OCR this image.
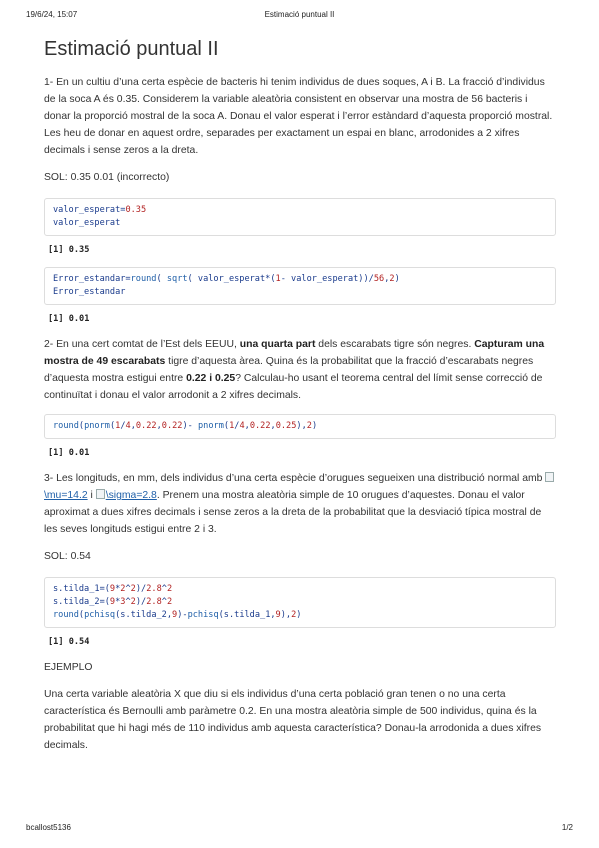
19/6/24, 15:07	Estimació puntual II
Estimació puntual II

1- En un cultiu d’una certa espècie de bacteris hi tenim individus de dues soques, A i B. La fracció d’individus de la soca A és 0.35. Considerem la variable aleatòria consistent en observar una mostra de 56 bacteris i donar la proporció mostral de la soca A. Donau el valor esperat i l’error estàndard d’aquesta proporció mostral. Les heu de donar en aquest ordre, separades per exactament un espai en blanc, arrodonides a 2 xifres decimals i sense zeros a la dreta.

SOL: 0.35 0.01 (incorrecto)

valor_esperat=0.35
valor_esperat
[1] 0.35
Error_estandar=round( sqrt( valor_esperat*(1- valor_esperat))/56,2)
Error_estandar
[1] 0.01

2- En una cert comtat de l’Est dels EEUU, una quarta part dels escarabats tigre són negres. Capturam una mostra de 49 escarabats tigre d’aquesta àrea. Quina és la probabilitat que la fracció d’escarabats negres d’aquesta mostra estigui entre 0.22 i 0.25? Calculau-ho usant el teorema central del límit sense correcció de continuïtat i donau el valor arrodonit a 2 xifres decimals.

round(pnorm(1/4,0.22,0.22)- pnorm(1/4,0.22,0.25),2)
[1] 0.01

3- Les longituds, en mm, dels individus d’una certa espècie d’orugues segueixen una distribució normal amb \mu=14.2 i \sigma=2.8. Prenem una mostra aleatòria simple de 10 orugues d’aquestes. Donau el valor aproximat a dues xifres decimals i sense zeros a la dreta de la probabilitat que la desviació típica mostral de les seves longituds estigui entre 2 i 3.

SOL: 0.54

s.tilda_1=(9*2^2)/2.8^2
s.tilda_2=(9*3^2)/2.8^2
round(pchisq(s.tilda_2,9)-pchisq(s.tilda_1,9),2)
[1] 0.54

EJEMPLO

Una certa variable aleatòria X que diu si els individus d’una certa població gran tenen o no una certa característica és Bernoulli amb paràmetre 0.2. En una mostra aleatòria simple de 500 individus, quina és la probabilitat que hi hagi més de 110 individus amb aquesta característica? Donau-la arrodonida a dues xifres decimals.

bcallost5136	1/2
